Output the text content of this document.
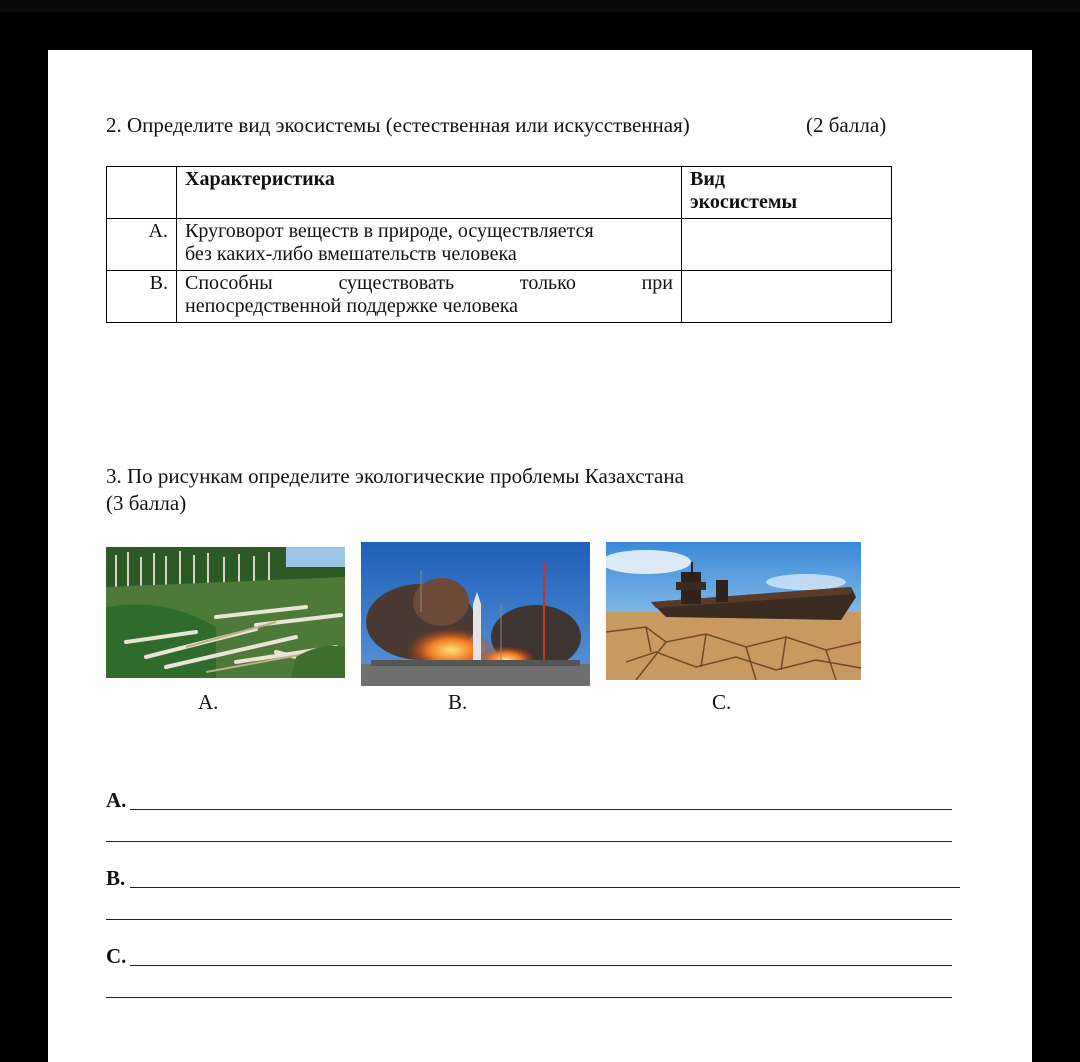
2. Определите вид экосистемы (естественная или искусственная)	(2 балла)
	Характеристика	Вид
экосистемы

A.	Круговорот веществ в природе, осуществляется
без каких-либо вмешательств человека	

B.	Способны существовать только при
непосредственной поддержке человека	

3. По рисункам определите экологические проблемы Казахстана
(3 балла)
A.	B.	C.
A.
B.
C.
